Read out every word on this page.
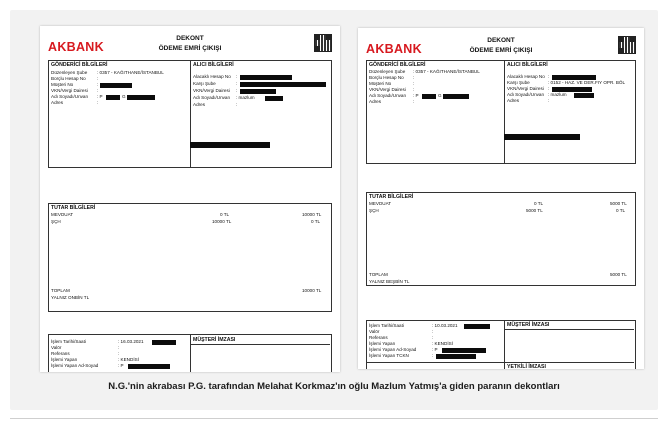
AKBANK
DEKONT
ÖDEME EMRİ ÇIKIŞI
GÖNDERİCİ BİLGİLERİ
Düzenleyen Şube : 0357 - KAĞITHANE/İSTANBUL
Borçlu Hesap No :
Müşteri No	:
VKN/Vergi Dairesi :
Adı Soyadı/Unvan : P	G
Adres	:
ALICI BİLGİLERİ
Alacaklı Hesap No :
Karşı Şube	:
VKN/Vergi Dairesi :
Adı Soyadı/Unvan : mazlum
Adres	:
TUTAR BİLGİLERİ
MEVDUAT	0 TL	10000 TL
ŞÇH	10000 TL	0 TL
TOPLAM	10000 TL
YALNIZ ONBİN TL
İşlem Tarihi/Saati	: 16.03.2021
Valör	:
Referans	:
İşlemi Yapan	: KENDİSİ
İşlemi Yapan Ad-Soyad	: P
MÜŞTERİ İMZASI
AKBANK
DEKONT
ÖDEME EMRİ ÇIKIŞI
GÖNDERİCİ BİLGİLERİ
Düzenleyen Şube : 0357 - KAĞITHANE/İSTANBUL
Borçlu Hesap No :
Müşteri No	:
VKN/Vergi Dairesi :
Adı Soyadı/Unvan : P	G
Adres	:
ALICI BİLGİLERİ
Alacaklı Hesap No :
Karşı Şube	: 0152 - HAZ. VE DER.FIY OPR. BÖL
VKN/Vergi Dairesi :
Adı Soyadı/Unvan : mazlum
Adres	:
TUTAR BİLGİLERİ
MEVDUAT	0 TL	5000 TL
ŞÇH	5000 TL	0 TL
TOPLAM	5000 TL
YALNIZ BEŞBİN TL
İşlem Tarihi/Saati	: 10.03.2021
Valör	:
Referans	:
İşlemi Yapan	: KENDİSİ
İşlemi Yapan Ad-Soyad	: P
İşlemi Yapan TCKN	:
MÜŞTERİ İMZASI
YETKİLİ İMZASI
N.G.'nin akrabası P.G. tarafından Melahat Korkmaz'ın oğlu Mazlum Yatmış'a giden paranın dekontları
